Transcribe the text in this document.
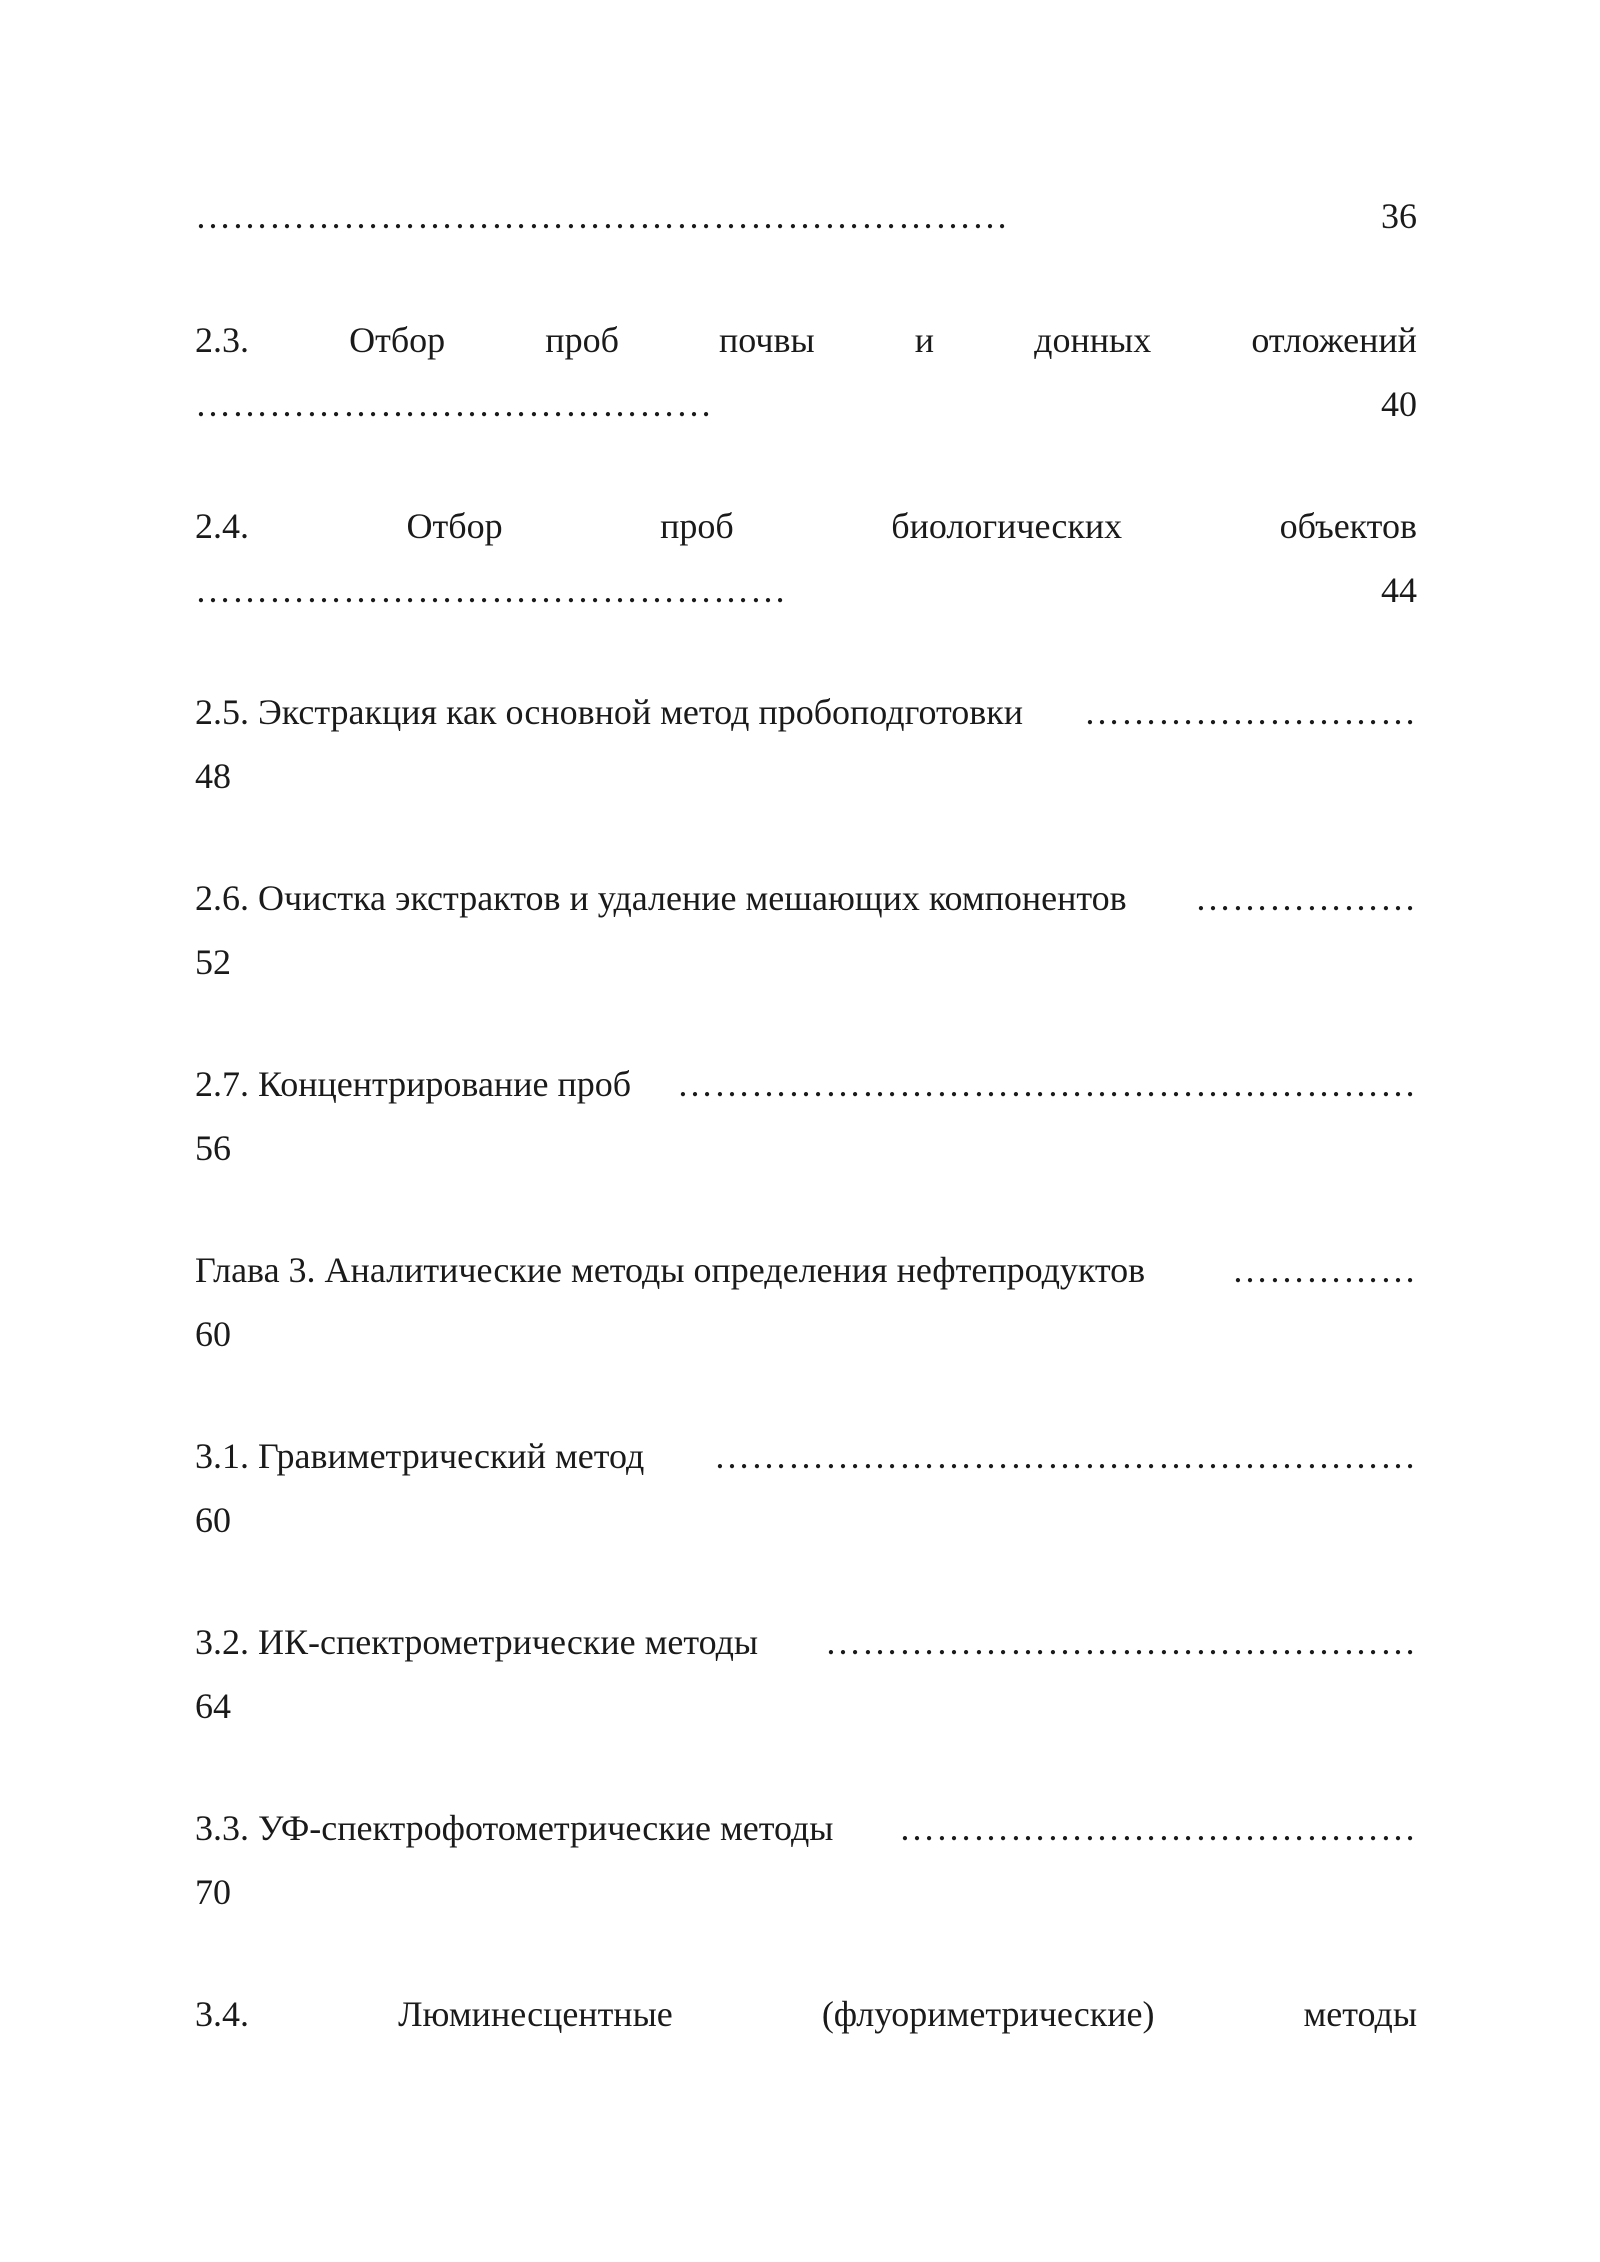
…………………………………………………………	36
2.3.	Отбор	проб	почвы	и	донных	отложений
……………………………………	40
2.4.	Отбор	проб	биологических	объектов
…………………………………………	44
2.5. Экстракция как основной метод пробоподготовки ………………………
48
2.6. Очистка экстрактов и удаление мешающих компонентов ………………
52
2.7. Концентрирование проб ……………………………………………………
56
Глава 3. Аналитические методы определения нефтепродуктов ……………
60
3.1. Гравиметрический метод …………………………………………………
60
3.2. ИК-спектрометрические методы …………………………………………
64
3.3. УФ-спектрофотометрические методы ……………………………………
70
3.4.	Люминесцентные	(флуориметрические)	методы
